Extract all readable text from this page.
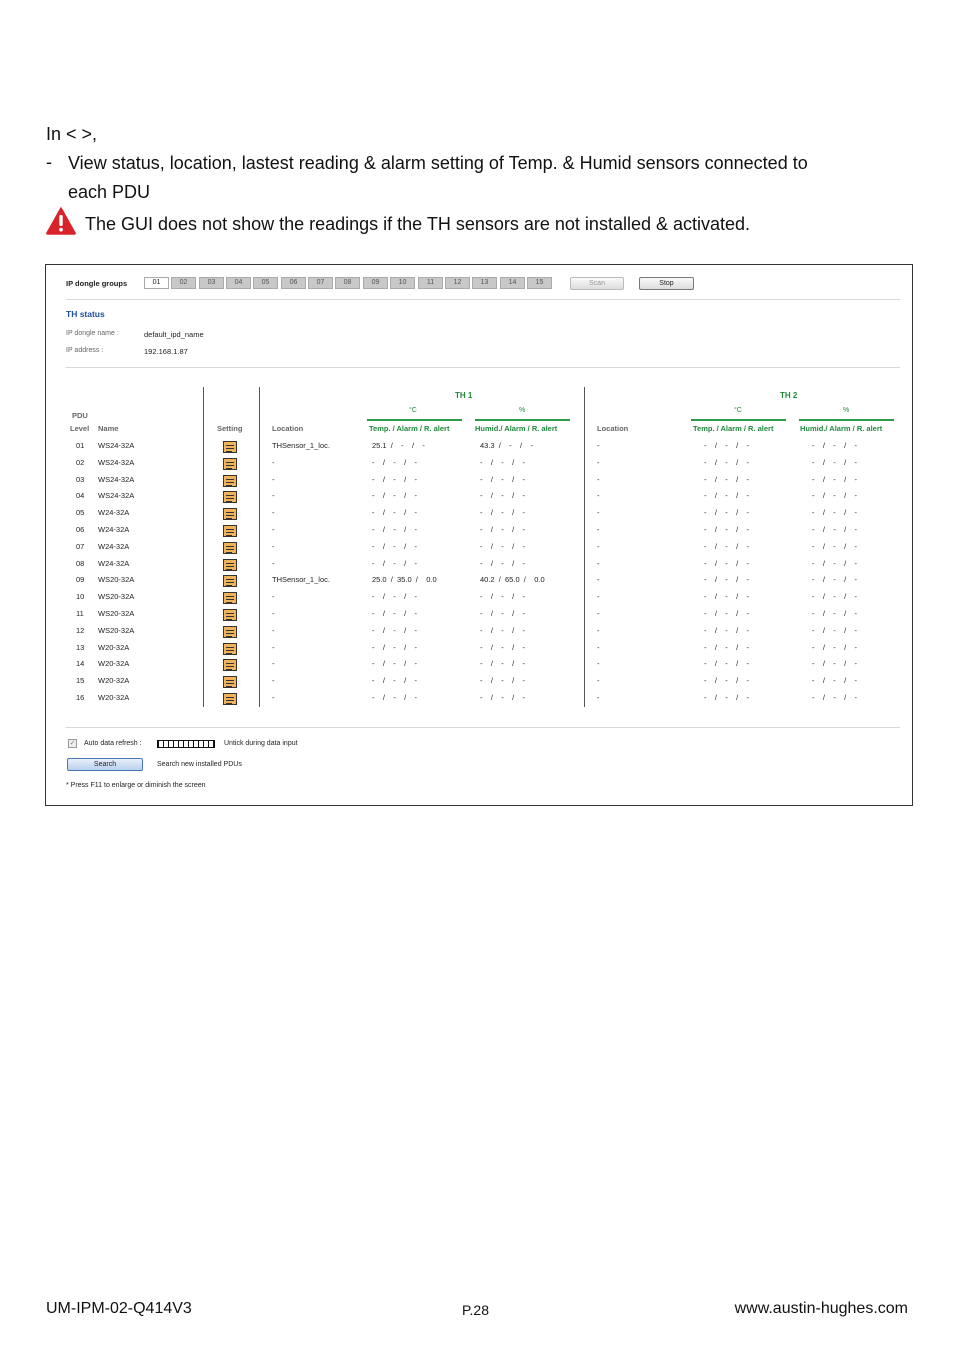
In < >,
- View status, location, lastest reading & alarm setting of Temp. & Humid sensors connected to
each PDU
The GUI does not show the readings if the TH sensors are not installed & activated.
IP dongle groups	01	02	03	04	05	06	07	08	09	10	11	12	13	14	15	Scan	Stop
TH status
IP dongle name :	default_ipd_name
IP address :	192.168.1.87
TH 1	TH 2
°C	%	°C	%
PDU
Level Name	Setting	Location	Temp. / Alarm / R. alert	Humid./ Alarm / R. alert	Location	Temp. / Alarm / R. alert	Humid./ Alarm / R. alert
01 WS24-32A	THSensor_1_loc.	25.1  /    -    /    -	43.3  /    -    /    -	-	-    /    -    /    -	-    /    -    /    -
02 WS24-32A	-	-    /    -    /    -	-    /    -    /    -	-	-    /    -    /    -	-    /    -    /    -
03 WS24-32A	-	-    /    -    /    -	-    /    -    /    -	-	-    /    -    /    -	-    /    -    /    -
04 WS24-32A	-	-    /    -    /    -	-    /    -    /    -	-	-    /    -    /    -	-    /    -    /    -
05 W24-32A	-	-    /    -    /    -	-    /    -    /    -	-	-    /    -    /    -	-    /    -    /    -
06 W24-32A	-	-    /    -    /    -	-    /    -    /    -	-	-    /    -    /    -	-    /    -    /    -
07 W24-32A	-	-    /    -    /    -	-    /    -    /    -	-	-    /    -    /    -	-    /    -    /    -
08 W24-32A	-	-    /    -    /    -	-    /    -    /    -	-	-    /    -    /    -	-    /    -    /    -
09 WS20-32A	THSensor_1_loc.	25.0  /  35.0  /    0.0	40.2  /  65.0  /    0.0	-	-    /    -    /    -	-    /    -    /    -
10 WS20-32A	-	-    /    -    /    -	-    /    -    /    -	-	-    /    -    /    -	-    /    -    /    -
11 WS20-32A	-	-    /    -    /    -	-    /    -    /    -	-	-    /    -    /    -	-    /    -    /    -
12 WS20-32A	-	-    /    -    /    -	-    /    -    /    -	-	-    /    -    /    -	-    /    -    /    -
13 W20-32A	-	-    /    -    /    -	-    /    -    /    -	-	-    /    -    /    -	-    /    -    /    -
14 W20-32A	-	-    /    -    /    -	-    /    -    /    -	-	-    /    -    /    -	-    /    -    /    -
15 W20-32A	-	-    /    -    /    -	-    /    -    /    -	-	-    /    -    /    -	-    /    -    /    -
16 W20-32A	-	-    /    -    /    -	-    /    -    /    -	-	-    /    -    /    -	-    /    -    /    -
✓ Auto data refresh :	Untick during data input
Search	Search new installed PDUs
* Press F11 to enlarge or diminish the screen
UM-IPM-02-Q414V3	P.28	www.austin-hughes.com
